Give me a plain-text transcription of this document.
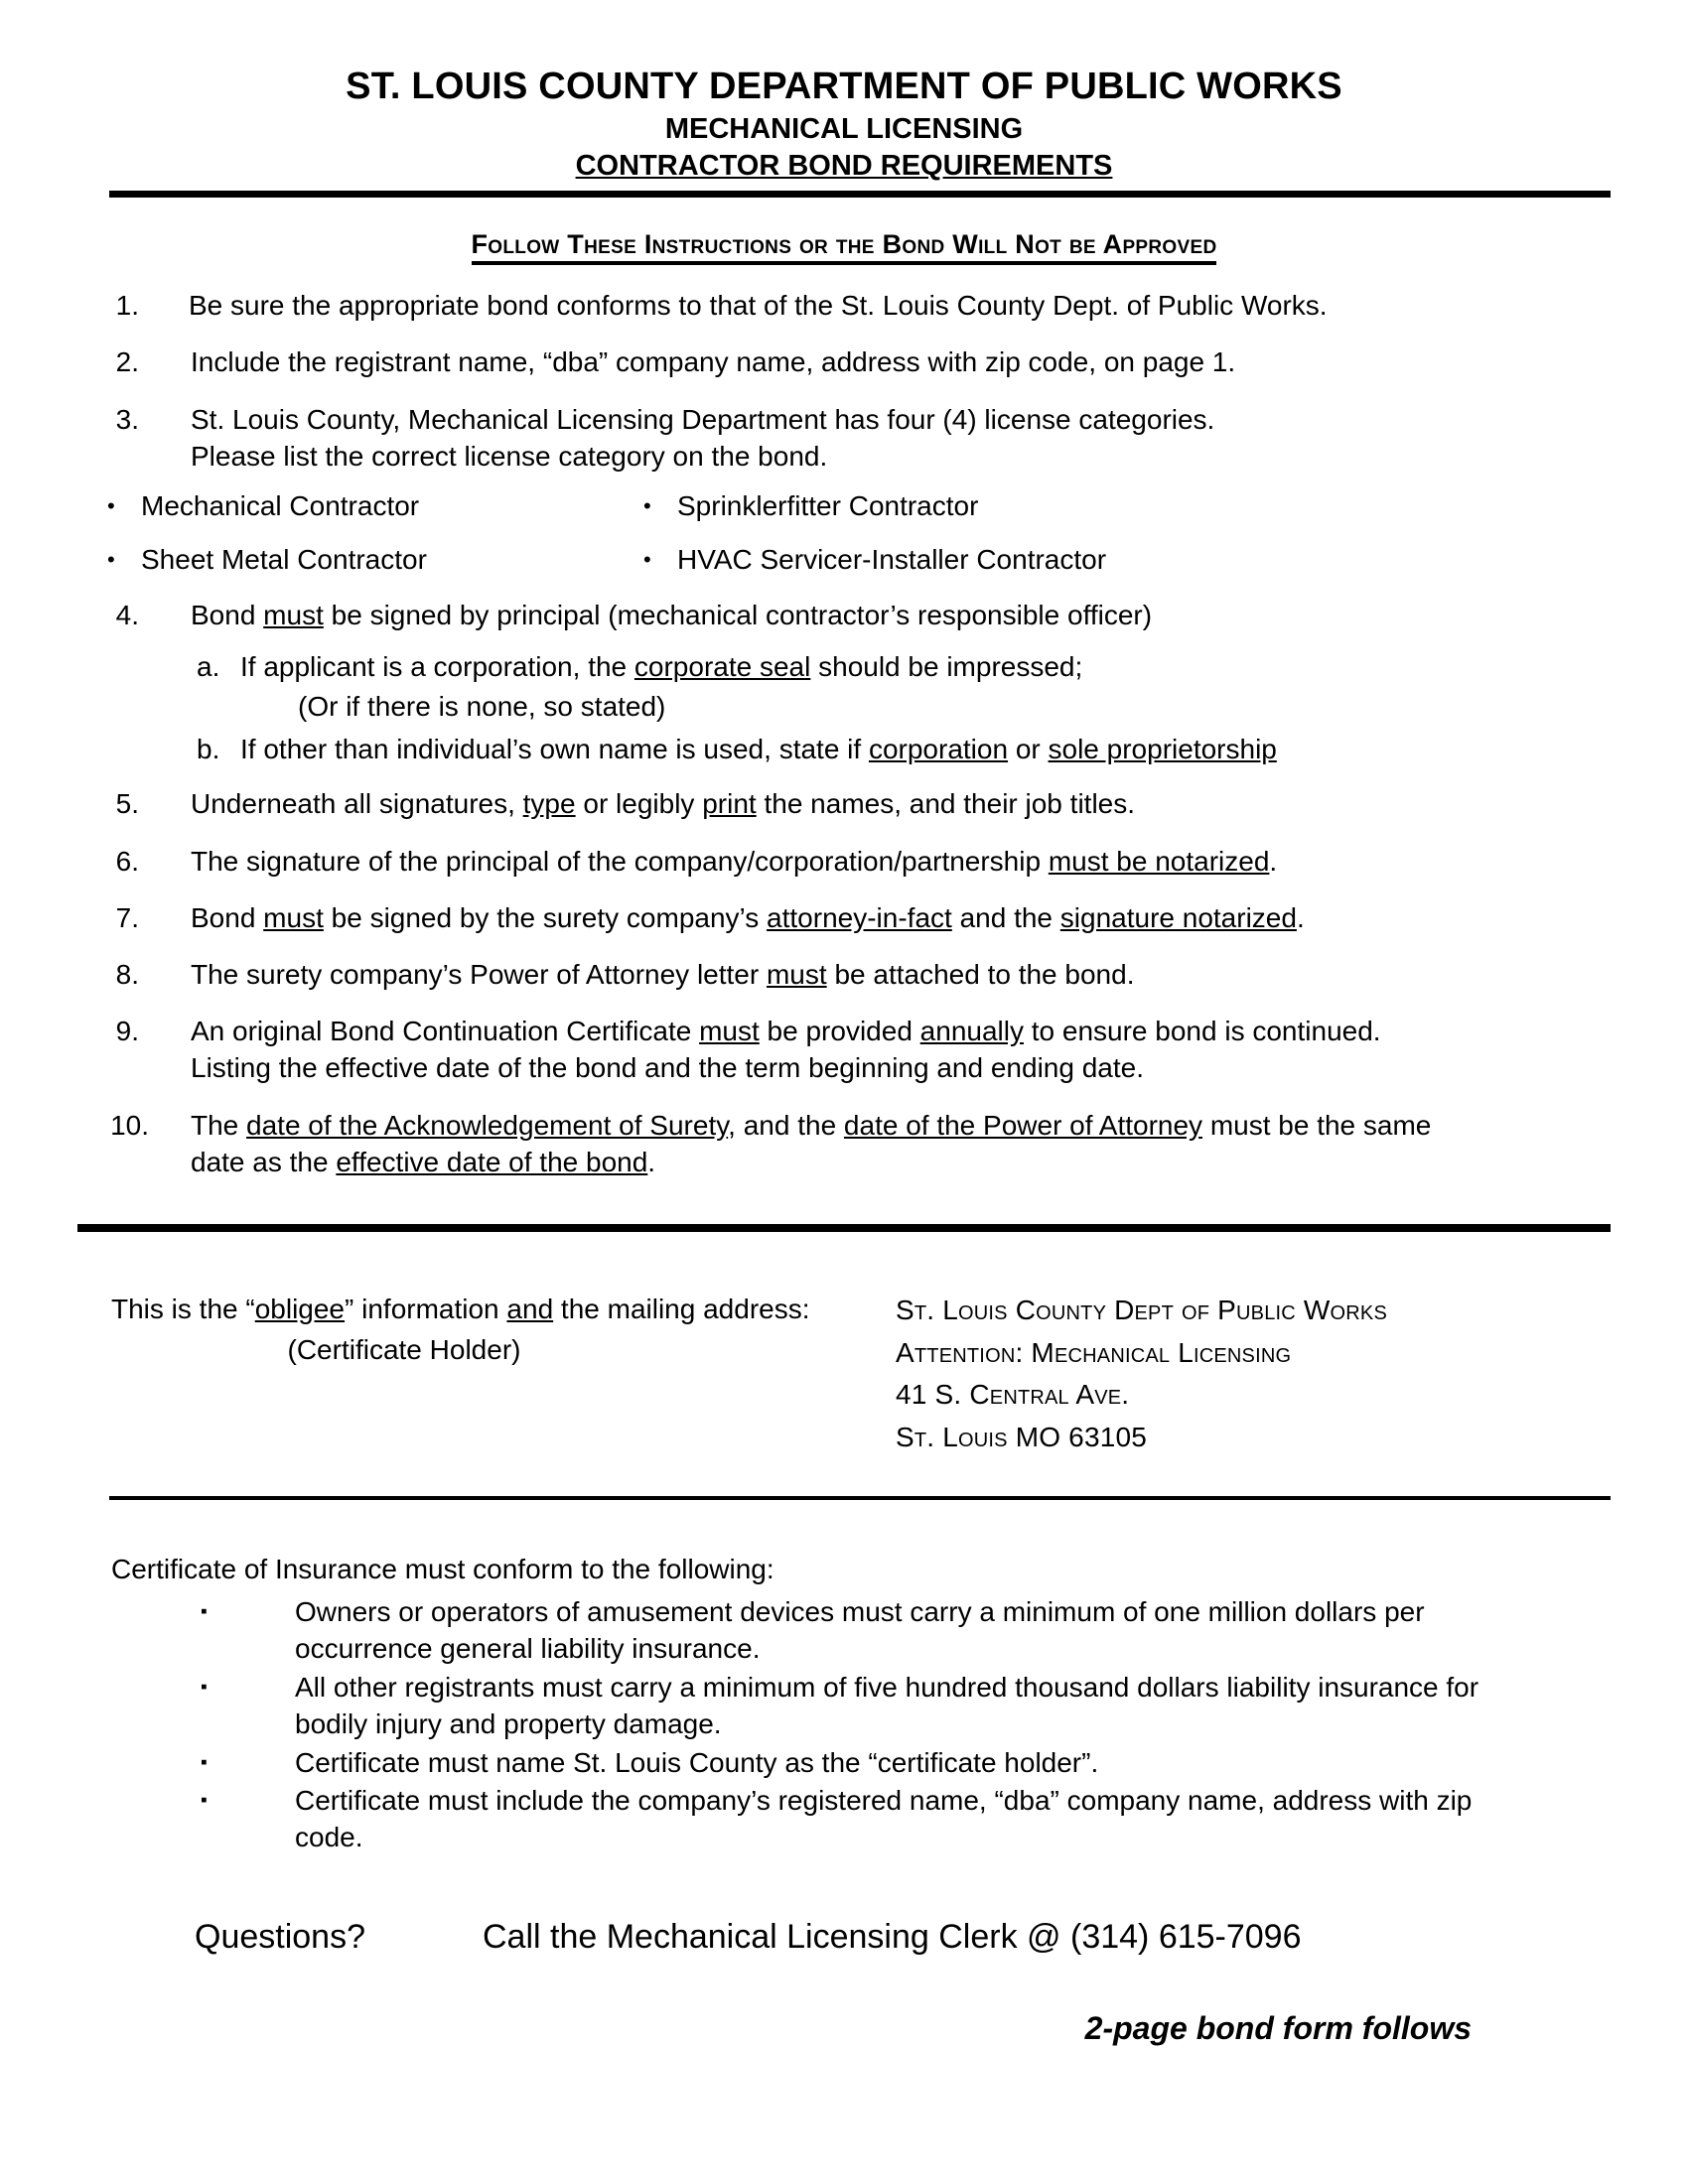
ST. LOUIS COUNTY DEPARTMENT OF PUBLIC WORKS
MECHANICAL LICENSING
CONTRACTOR BOND REQUIREMENTS
Follow These Instructions or the Bond Will Not be Approved
1. Be sure the appropriate bond conforms to that of the St. Louis County Dept. of Public Works.
2. Include the registrant name, “dba” company name, address with zip code, on page 1.
3. St. Louis County, Mechanical Licensing Department has four (4) license categories.
Please list the correct license category on the bond.
• Mechanical Contractor	• Sprinklerfitter Contractor
• Sheet Metal Contractor	• HVAC Servicer-Installer Contractor
4. Bond must be signed by principal (mechanical contractor’s responsible officer)
a. If applicant is a corporation, the corporate seal should be impressed;
(Or if there is none, so stated)
b. If other than individual’s own name is used, state if corporation or sole proprietorship
5. Underneath all signatures, type or legibly print the names, and their job titles.
6. The signature of the principal of the company/corporation/partnership must be notarized.
7. Bond must be signed by the surety company’s attorney-in-fact and the signature notarized.
8. The surety company’s Power of Attorney letter must be attached to the bond.
9. An original Bond Continuation Certificate must be provided annually to ensure bond is continued.
Listing the effective date of the bond and the term beginning and ending date.
10. The date of the Acknowledgement of Surety, and the date of the Power of Attorney must be the same
date as the effective date of the bond.
This is the “obligee” information and the mailing address:
(Certificate Holder)
St. Louis County Dept of Public Works
Attention: Mechanical Licensing
41 S. Central Ave.
St. Louis MO 63105
Certificate of Insurance must conform to the following:
▪	Owners or operators of amusement devices must carry a minimum of one million dollars per occurrence general liability insurance.
▪	All other registrants must carry a minimum of five hundred thousand dollars liability insurance for bodily injury and property damage.
▪	Certificate must name St. Louis County as the “certificate holder”.
▪	Certificate must include the company’s registered name, “dba” company name, address with zip code.
Questions?	Call the Mechanical Licensing Clerk @ (314) 615-7096
2-page bond form follows
